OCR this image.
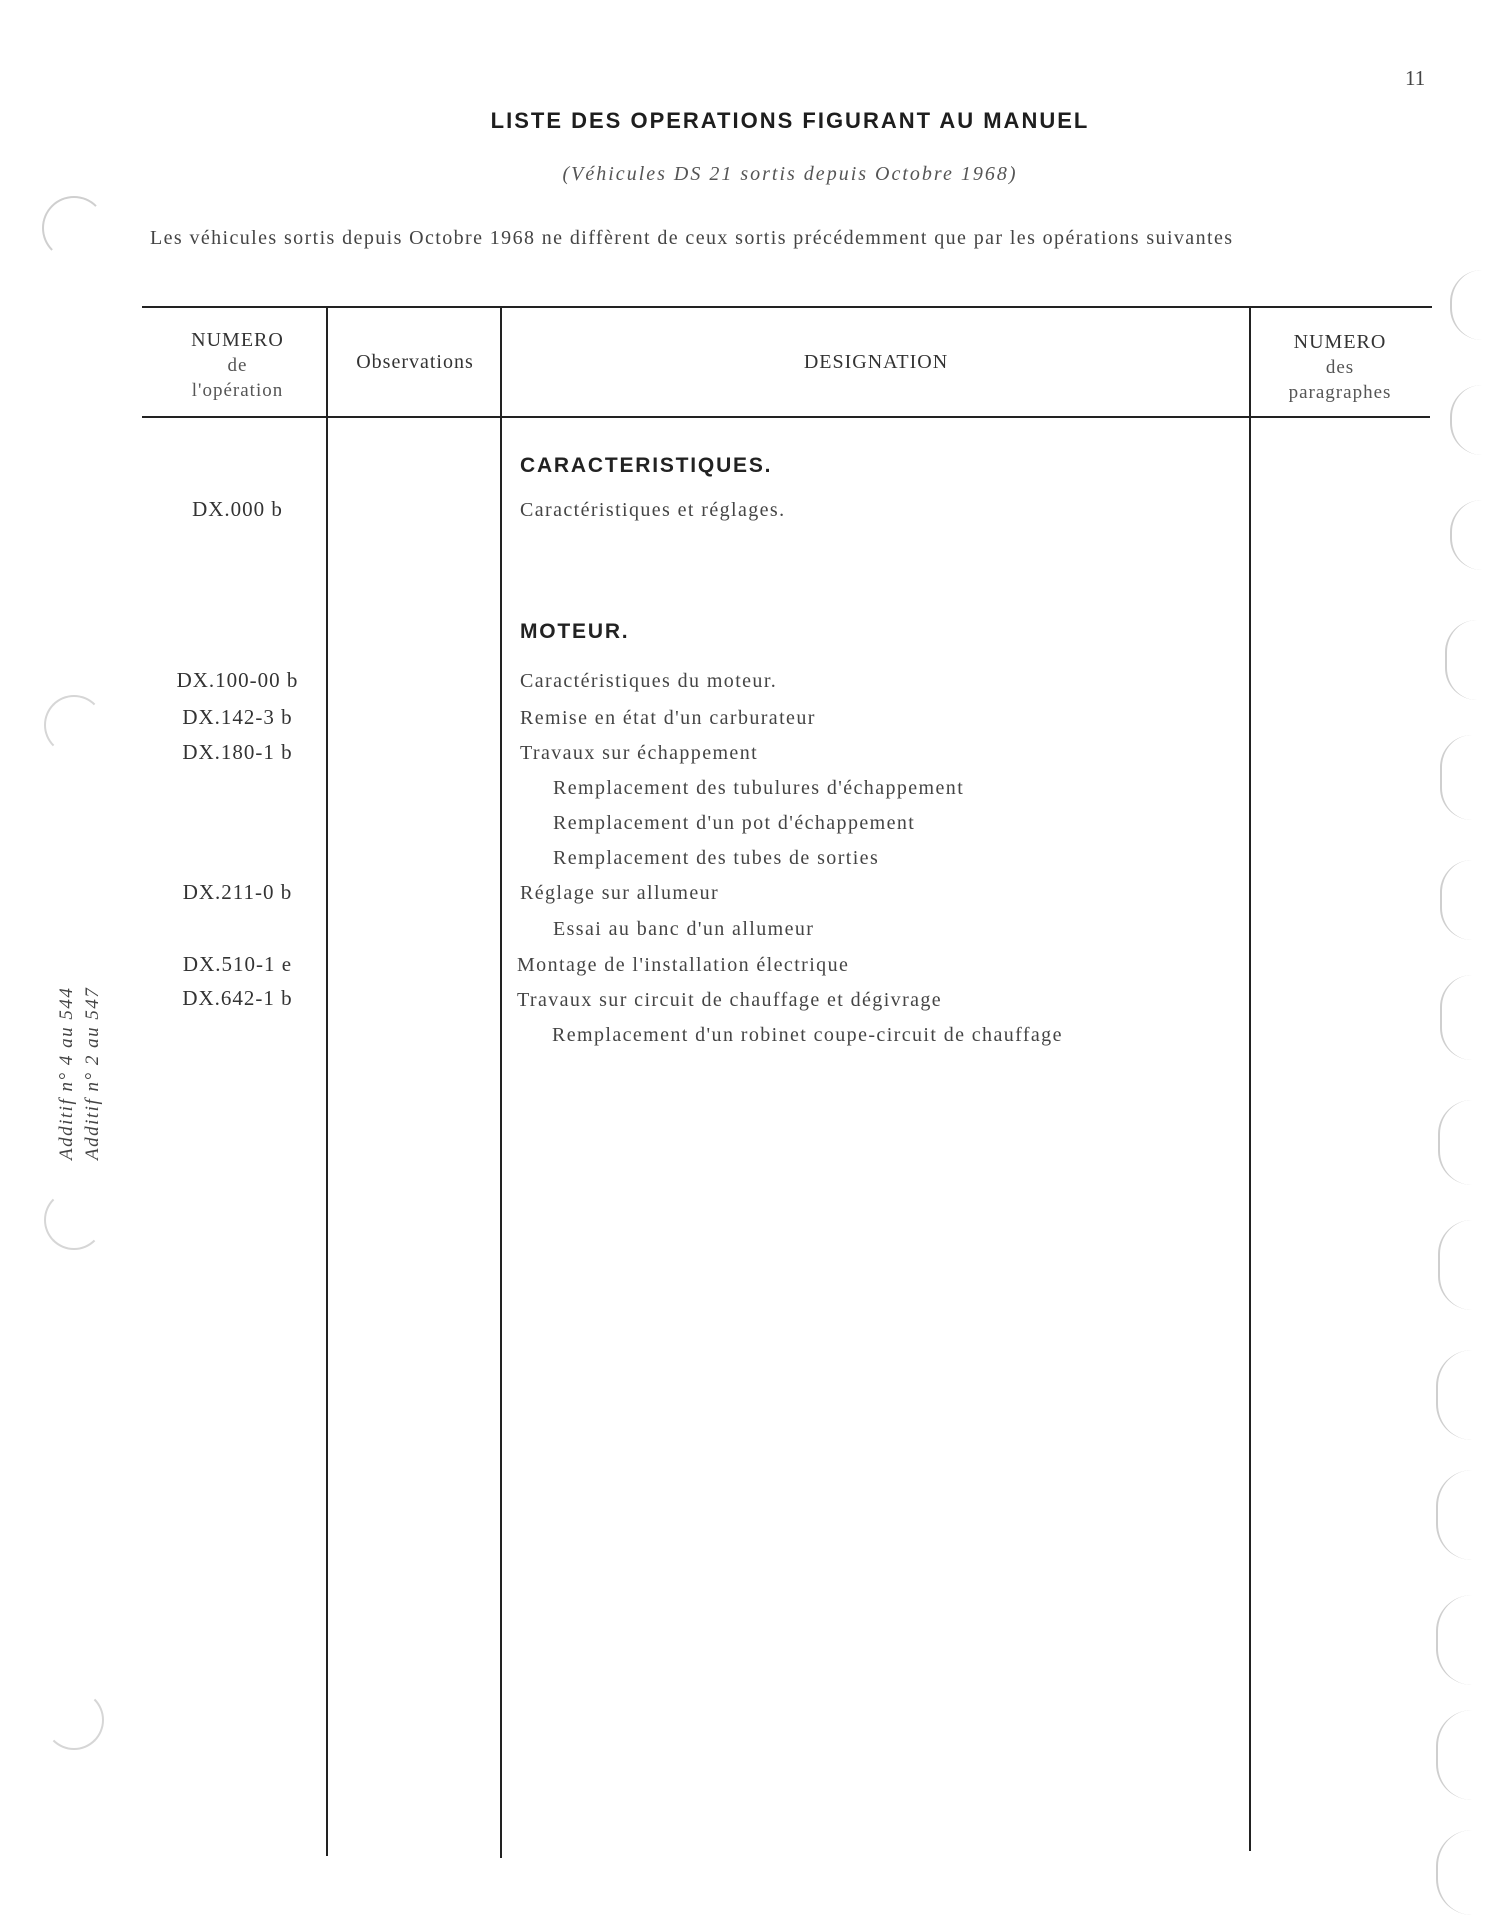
11
LISTE DES OPERATIONS FIGURANT AU MANUEL
(Véhicules DS 21 sortis depuis Octobre 1968)
Les véhicules sortis depuis Octobre 1968 ne diffèrent de ceux sortis précédemment que par les opérations suivantes
Additif n° 4 au 544 Additif n° 2 au 547
NUMERO
de
l'opération
Observations	DESIGNATION
NUMERO
des
paragraphes
CARACTERISTIQUES.
DX.000 b	Caractéristiques et réglages.
MOTEUR.
DX.100-00 b	Caractéristiques du moteur.
DX.142-3 b	Remise en état d'un carburateur
DX.180-1 b	Travaux sur échappement
Remplacement des tubulures d'échappement
Remplacement d'un pot d'échappement
Remplacement des tubes de sorties
DX.211-0 b	Réglage sur allumeur
Essai au banc d'un allumeur
DX.510-1 e	Montage de l'installation électrique
DX.642-1 b	Travaux sur circuit de chauffage et dégivrage
Remplacement d'un robinet coupe-circuit de chauffage
